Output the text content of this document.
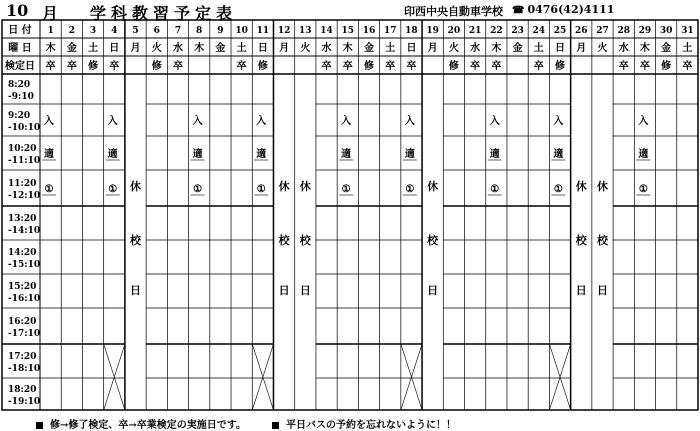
10 月 学科教習予定表	印西中央自動車学校 ☎ 0476(42)4111
日 付
曜 日
検定日
1
木
卒
2
金
卒
3
土
修
4
日
卒
5
月
6
火
修
7
水
卒
8
木
9
金
10
土
卒
11
日
修
12
月
13
火
14
水
卒
15
木
卒
16
金
修
17
土
卒
18
日
卒
19
月
20
火
修
21
水
卒
22
木
卒
23
金
24
土
卒
25
日
修
26
月
27
火
28
水
卒
29
木
卒
30
金
修
31
土
卒
8:20
-9:10
9:20
-10:10
10:20
-11:10
11:20
-12:10
13:20
-14:10
14:20
-15:10
15:20
-16:10
16:20
-17:10
17:20
-18:10
18:20
-19:10
休
校
日
休
校
日
休
校
日
休
校
日
休
校
日
休
校
日
入
適
①
入
適
①
入
適
①
入
適
①
入
適
①
入
適
①
入
適
①
入
適
①
入
適
①
修→修了検定、卒→卒業検定の実施日です。	平日バスの予約を忘れないように！！
